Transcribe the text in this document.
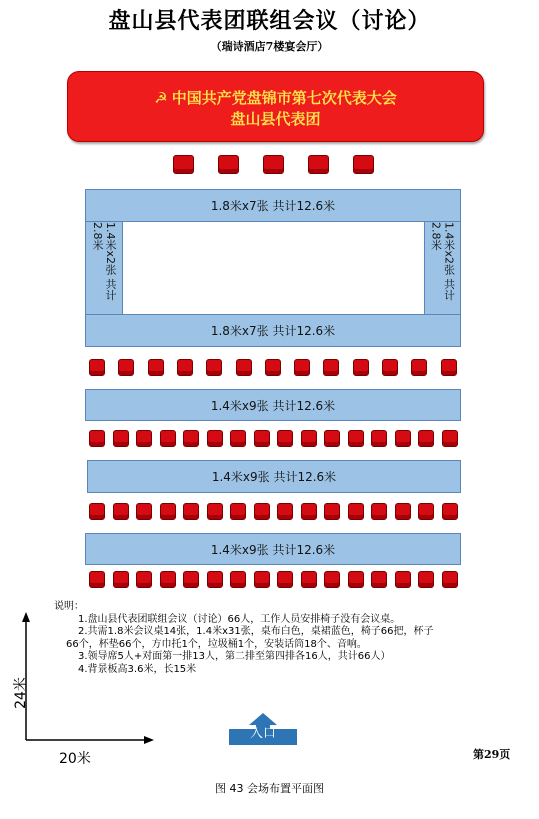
盘山县代表团联组会议（讨论）
（瑞诗酒店7楼宴会厅）
☭ 中国共产党盘锦市第七次代表大会
盘山县代表团
1.8米x7张 共计12.6米
1.4米x2张 共计2.8米	1.4米x2张 共计2.8米
1.8米x7张 共计12.6米
1.4米x9张 共计12.6米
1.4米x9张 共计12.6米
1.4米x9张 共计12.6米
说明：
1.盘山县代表团联组会议（讨论）66人，工作人员安排椅子没有会议桌。
2.共需1.8米会议桌14张，1.4米x31张，桌布白色，桌裙蓝色，椅子66把，杯子
66个，杯垫66个，方巾托1个，垃圾桶1个，安装话筒18个、音响。
3.领导席5人+对面第一排13人，第二排至第四排各16人，共计66人）
4.背景板高3.6米，长15米
24米
20米
入口
第29页
图 43 会场布置平面图
